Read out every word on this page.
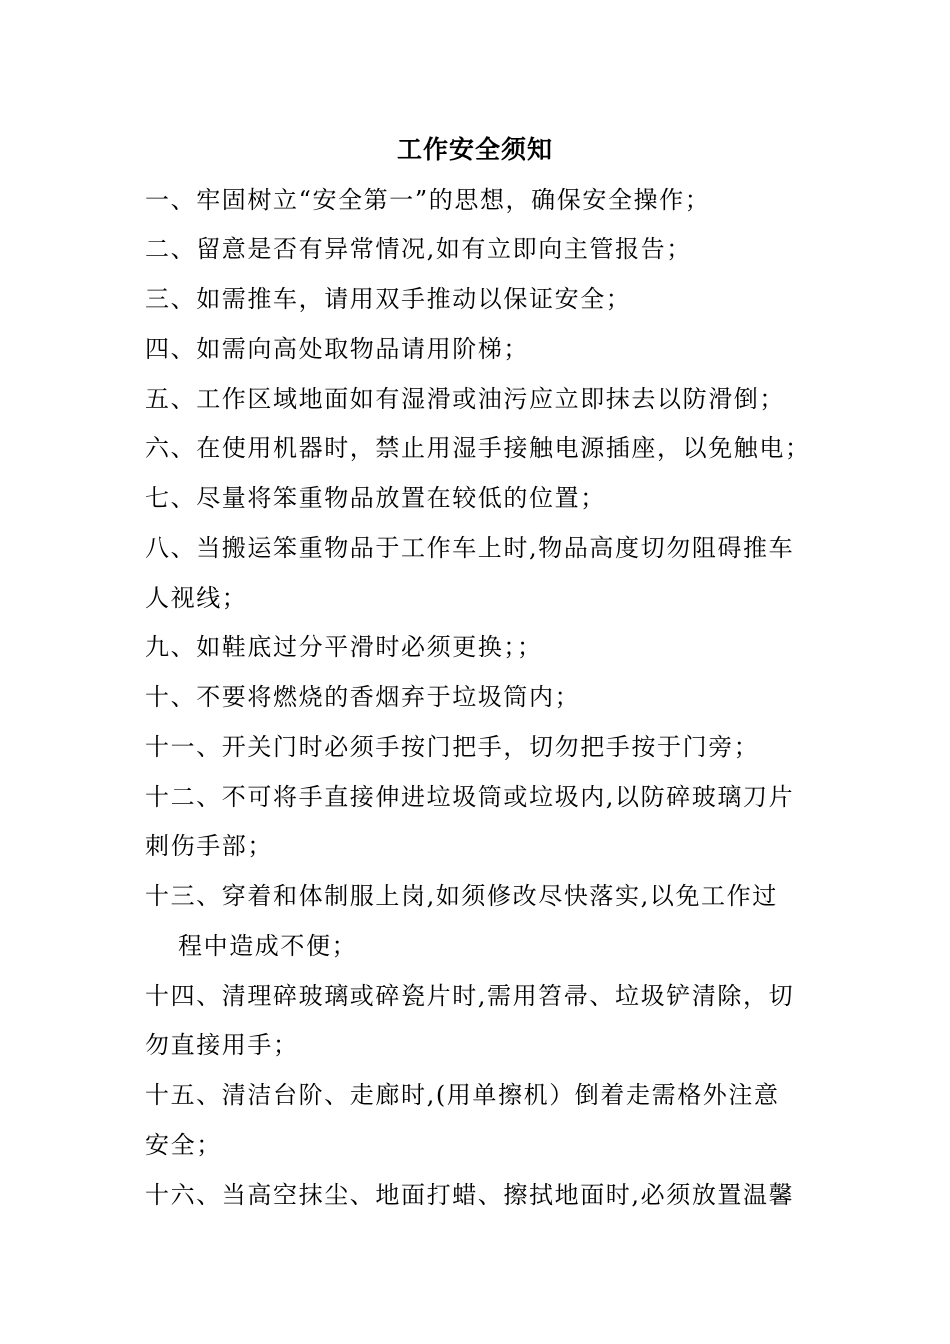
工作安全须知
一、牢固树立“安全第一”的思想，确保安全操作；
二、留意是否有异常情况,如有立即向主管报告；
三、如需推车，请用双手推动以保证安全；
四、如需向高处取物品请用阶梯；
五、工作区域地面如有湿滑或油污应立即抹去以防滑倒；
六、在使用机器时，禁止用湿手接触电源插座，以免触电；
七、尽量将笨重物品放置在较低的位置；
八、当搬运笨重物品于工作车上时,物品高度切勿阻碍推车
人视线；
九、如鞋底过分平滑时必须更换；；
十、不要将燃烧的香烟弃于垃圾筒内；
十一、开关门时必须手按门把手，切勿把手按于门旁；
十二、不可将手直接伸进垃圾筒或垃圾内,以防碎玻璃刀片
刺伤手部；
十三、穿着和体制服上岗,如须修改尽快落实,以免工作过
程中造成不便；
十四、清理碎玻璃或碎瓷片时,需用笤帚、垃圾铲清除，切
勿直接用手；
十五、清洁台阶、走廊时,(用单擦机）倒着走需格外注意
安全；
十六、当高空抹尘、地面打蜡、擦拭地面时,必须放置温馨
